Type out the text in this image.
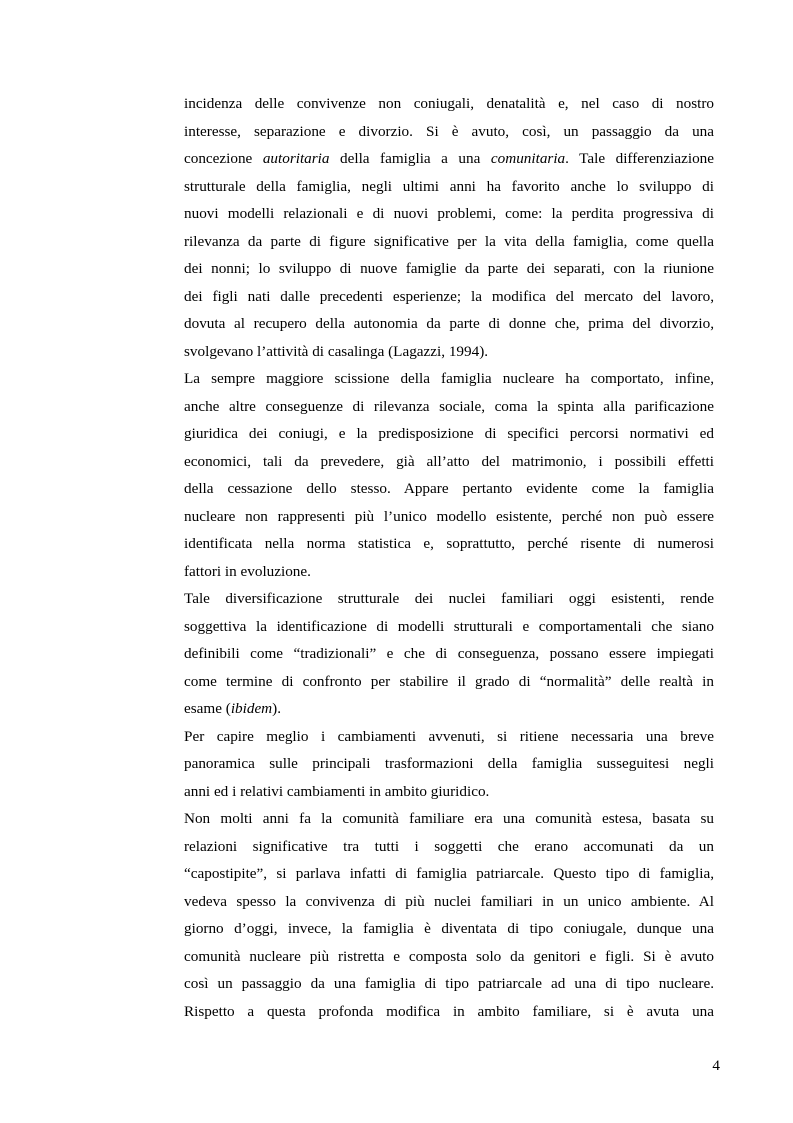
incidenza delle convivenze non coniugali, denatalità e, nel caso di nostro
interesse, separazione e divorzio. Si è avuto, così, un passaggio da una
concezione autoritaria della famiglia a una comunitaria. Tale differenziazione
strutturale della famiglia, negli ultimi anni ha favorito anche lo sviluppo di
nuovi modelli relazionali e di nuovi problemi, come: la perdita progressiva di
rilevanza da parte di figure significative per la vita della famiglia, come quella
dei nonni; lo sviluppo di nuove famiglie da parte dei separati, con la riunione
dei figli nati dalle precedenti esperienze; la modifica del mercato del lavoro,
dovuta al recupero della autonomia da parte di donne che, prima del divorzio,
svolgevano l’attività di casalinga (Lagazzi, 1994).
La sempre maggiore scissione della famiglia nucleare ha comportato, infine,
anche altre conseguenze di rilevanza sociale, coma la spinta alla parificazione
giuridica dei coniugi, e la predisposizione di specifici percorsi normativi ed
economici, tali da prevedere, già all’atto del matrimonio, i possibili effetti
della cessazione dello stesso. Appare pertanto evidente come la famiglia
nucleare non rappresenti più l’unico modello esistente, perché non può essere
identificata nella norma statistica e, soprattutto, perché risente di numerosi
fattori in evoluzione.
Tale diversificazione strutturale dei nuclei familiari oggi esistenti, rende
soggettiva la identificazione di modelli strutturali e comportamentali che siano
definibili come “tradizionali” e che di conseguenza, possano essere impiegati
come termine di confronto per stabilire il grado di “normalità” delle realtà in
esame (ibidem).
Per capire meglio i cambiamenti avvenuti, si ritiene necessaria una breve
panoramica sulle principali trasformazioni della famiglia susseguitesi negli
anni ed i relativi cambiamenti in ambito giuridico.
Non molti anni fa la comunità familiare era una comunità estesa, basata su
relazioni significative tra tutti i soggetti che erano accomunati da un
“capostipite”, si parlava infatti di famiglia patriarcale. Questo tipo di famiglia,
vedeva spesso la convivenza di più nuclei familiari in un unico ambiente. Al
giorno d’oggi, invece, la famiglia è diventata di tipo coniugale, dunque una
comunità nucleare più ristretta e composta solo da genitori e figli. Si è avuto
così un passaggio da una famiglia di tipo patriarcale ad una di tipo nucleare.
Rispetto a questa profonda modifica in ambito familiare, si è avuta una
4
